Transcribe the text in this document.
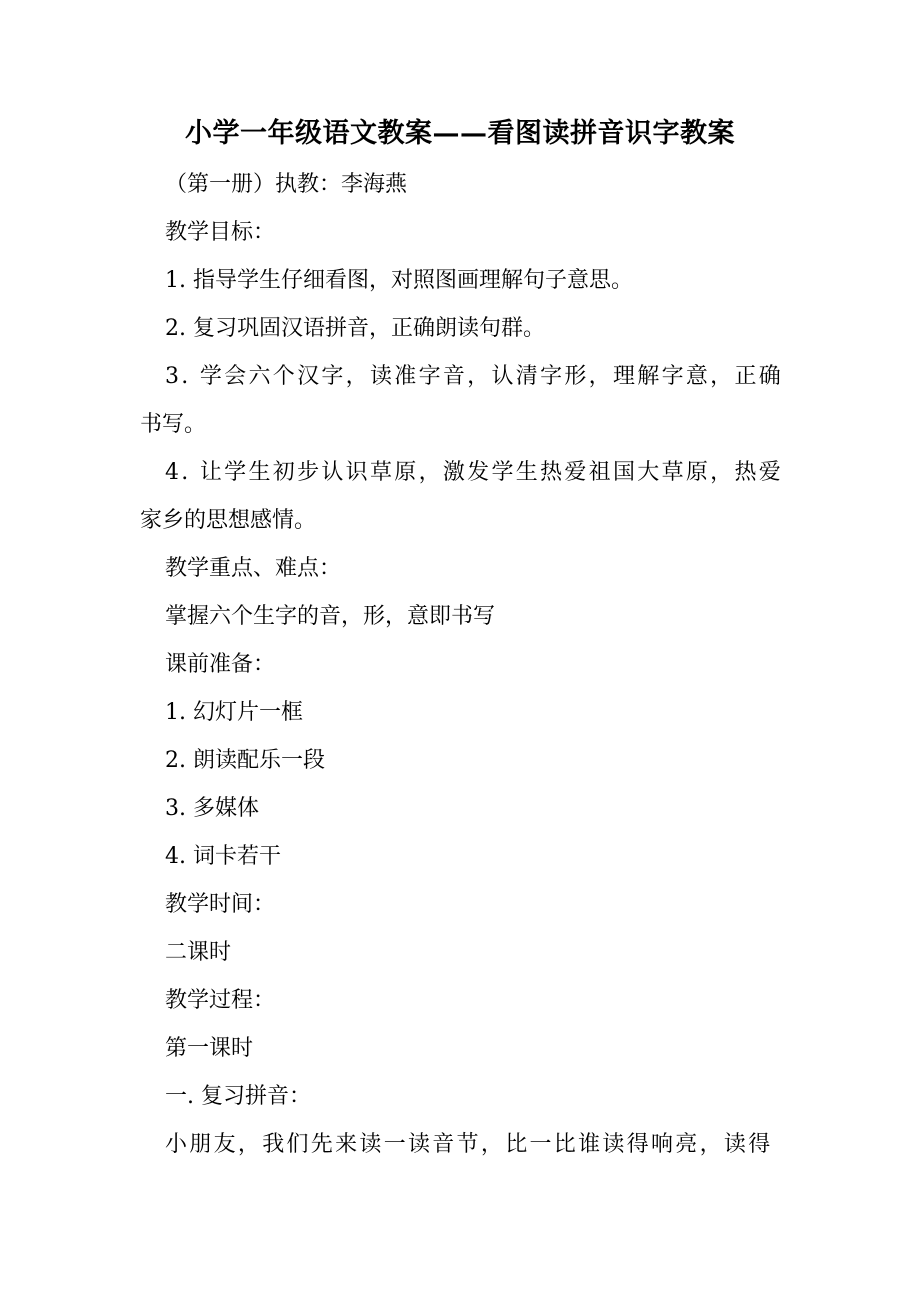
小学一年级语文教案——看图读拼音识字教案
（第一册）执教：李海燕
教学目标：
1. 指导学生仔细看图，对照图画理解句子意思。
2. 复习巩固汉语拼音，正确朗读句群。
3. 学会六个汉字，读准字音，认清字形，理解字意，正确
书写。
4. 让学生初步认识草原，激发学生热爱祖国大草原，热爱
家乡的思想感情。
教学重点、难点：
掌握六个生字的音，形，意即书写
课前准备：
1. 幻灯片一框
2. 朗读配乐一段
3. 多媒体
4. 词卡若干
教学时间：
二课时
教学过程：
第一课时
一. 复习拼音：
小朋友，我们先来读一读音节，比一比谁读得响亮，读得
